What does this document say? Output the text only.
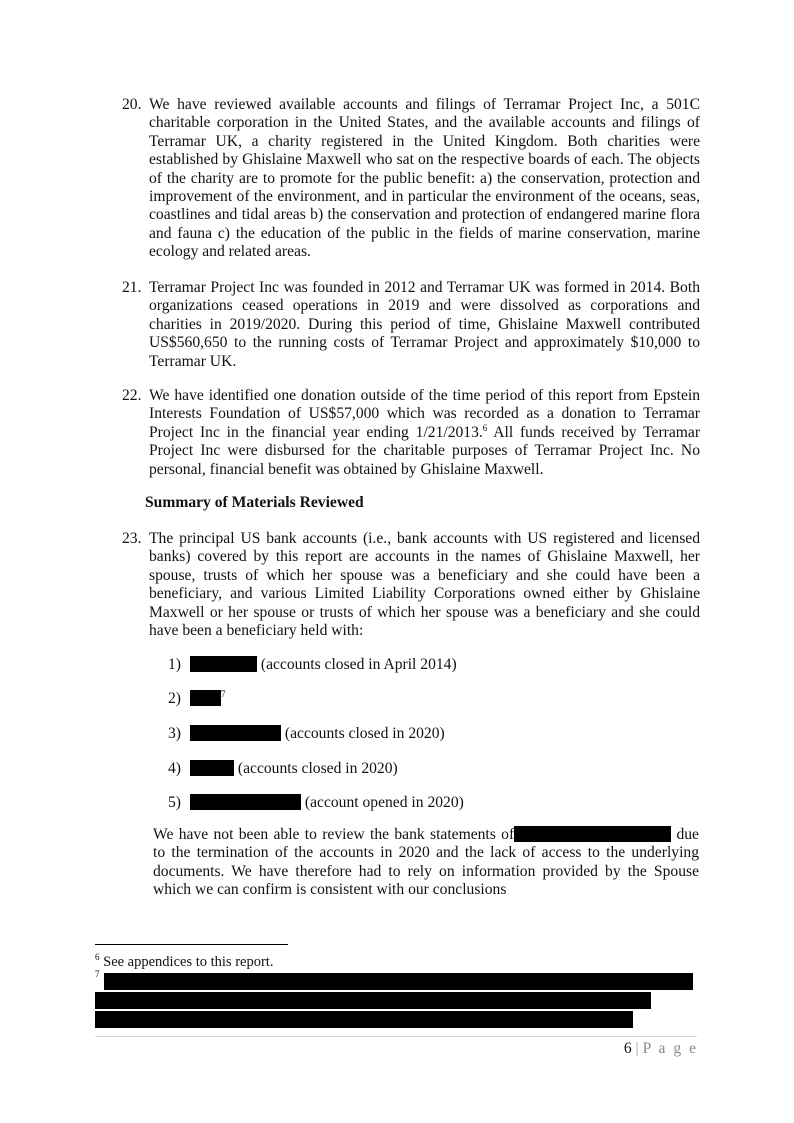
20. We have reviewed available accounts and filings of Terramar Project Inc, a 501C charitable corporation in the United States, and the available accounts and filings of Terramar UK, a charity registered in the United Kingdom. Both charities were established by Ghislaine Maxwell who sat on the respective boards of each. The objects of the charity are to promote for the public benefit: a) the conservation, protection and improvement of the environment, and in particular the environment of the oceans, seas, coastlines and tidal areas b) the conservation and protection of endangered marine flora and fauna c) the education of the public in the fields of marine conservation, marine ecology and related areas.
21. Terramar Project Inc was founded in 2012 and Terramar UK was formed in 2014. Both organizations ceased operations in 2019 and were dissolved as corporations and charities in 2019/2020. During this period of time, Ghislaine Maxwell contributed US$560,650 to the running costs of Terramar Project and approximately $10,000 to Terramar UK.
22. We have identified one donation outside of the time period of this report from Epstein Interests Foundation of US$57,000 which was recorded as a donation to Terramar Project Inc in the financial year ending 1/21/2013.$^6$ All funds received by Terramar Project Inc were disbursed for the charitable purposes of Terramar Project Inc. No personal, financial benefit was obtained by Ghislaine Maxwell.
Summary of Materials Reviewed
23. The principal US bank accounts (i.e., bank accounts with US registered and licensed banks) covered by this report are accounts in the names of Ghislaine Maxwell, her spouse, trusts of which her spouse was a beneficiary and she could have been a beneficiary, and various Limited Liability Corporations owned either by Ghislaine Maxwell or her spouse or trusts of which her spouse was a beneficiary and she could have been a beneficiary held with:
1)	(accounts closed in April 2014)
2)	$^7$
3)	(accounts closed in 2020)
4)	(accounts closed in 2020)
5)	(account opened in 2020)
We have not been able to review the bank statements of	due to the termination of the accounts in 2020 and the lack of access to the underlying documents. We have therefore had to rely on information provided by the Spouse which we can confirm is consistent with our conclusions
$^6$ See appendices to this report.
7
6 | P a g e
